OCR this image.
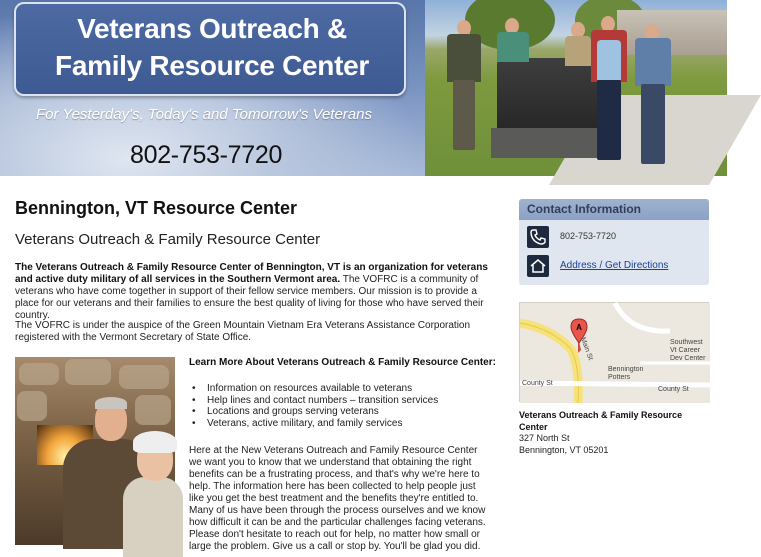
Veterans Outreach &
Family Resource Center
For Yesterday's, Today's and Tomorrow's Veterans
802-753-7720
Bennington, VT Resource Center
Veterans Outreach & Family Resource Center

The Veterans Outreach & Family Resource Center of Bennington, VT is an organization for veterans and active duty military of all services in the Southern Vermont area. The VOFRC is a community of veterans who have come together in support of their fellow service members. Our mission is to provide a place for our veterans and their families to ensure the best quality of living for those who have served their country.

The VOFRC is under the auspice of the Green Mountain Vietnam Era Veterans Assistance Corporation registered with the Vermont Secretary of State Office.

Learn More About Veterans Outreach & Family Resource Center:
• Information on resources available to veterans
• Help lines and contact numbers – transition services
• Locations and groups serving veterans
• Veterans, active military, and family services

Here at the New Veterans Outreach and Family Resource Center we want you to know that we understand that obtaining the right benefits can be a frustrating process, and that's why we're here to help. The information here has been collected to help people just like you get the best treatment and the benefits they're entitled to. Many of us have been through the process ourselves and we know how difficult it can be and the particular challenges facing veterans. Please don't hesitate to reach out for help, no matter how small or large the problem. Give us a call or stop by. You'll be glad you did.

Contact Information
802-753-7720
Address / Get Directions
A
Main St
County St
County St
Southwest Vt Career Dev Center
Bennington Potters
Veterans Outreach & Family Resource Center
327 North St
Bennington, VT 05201
